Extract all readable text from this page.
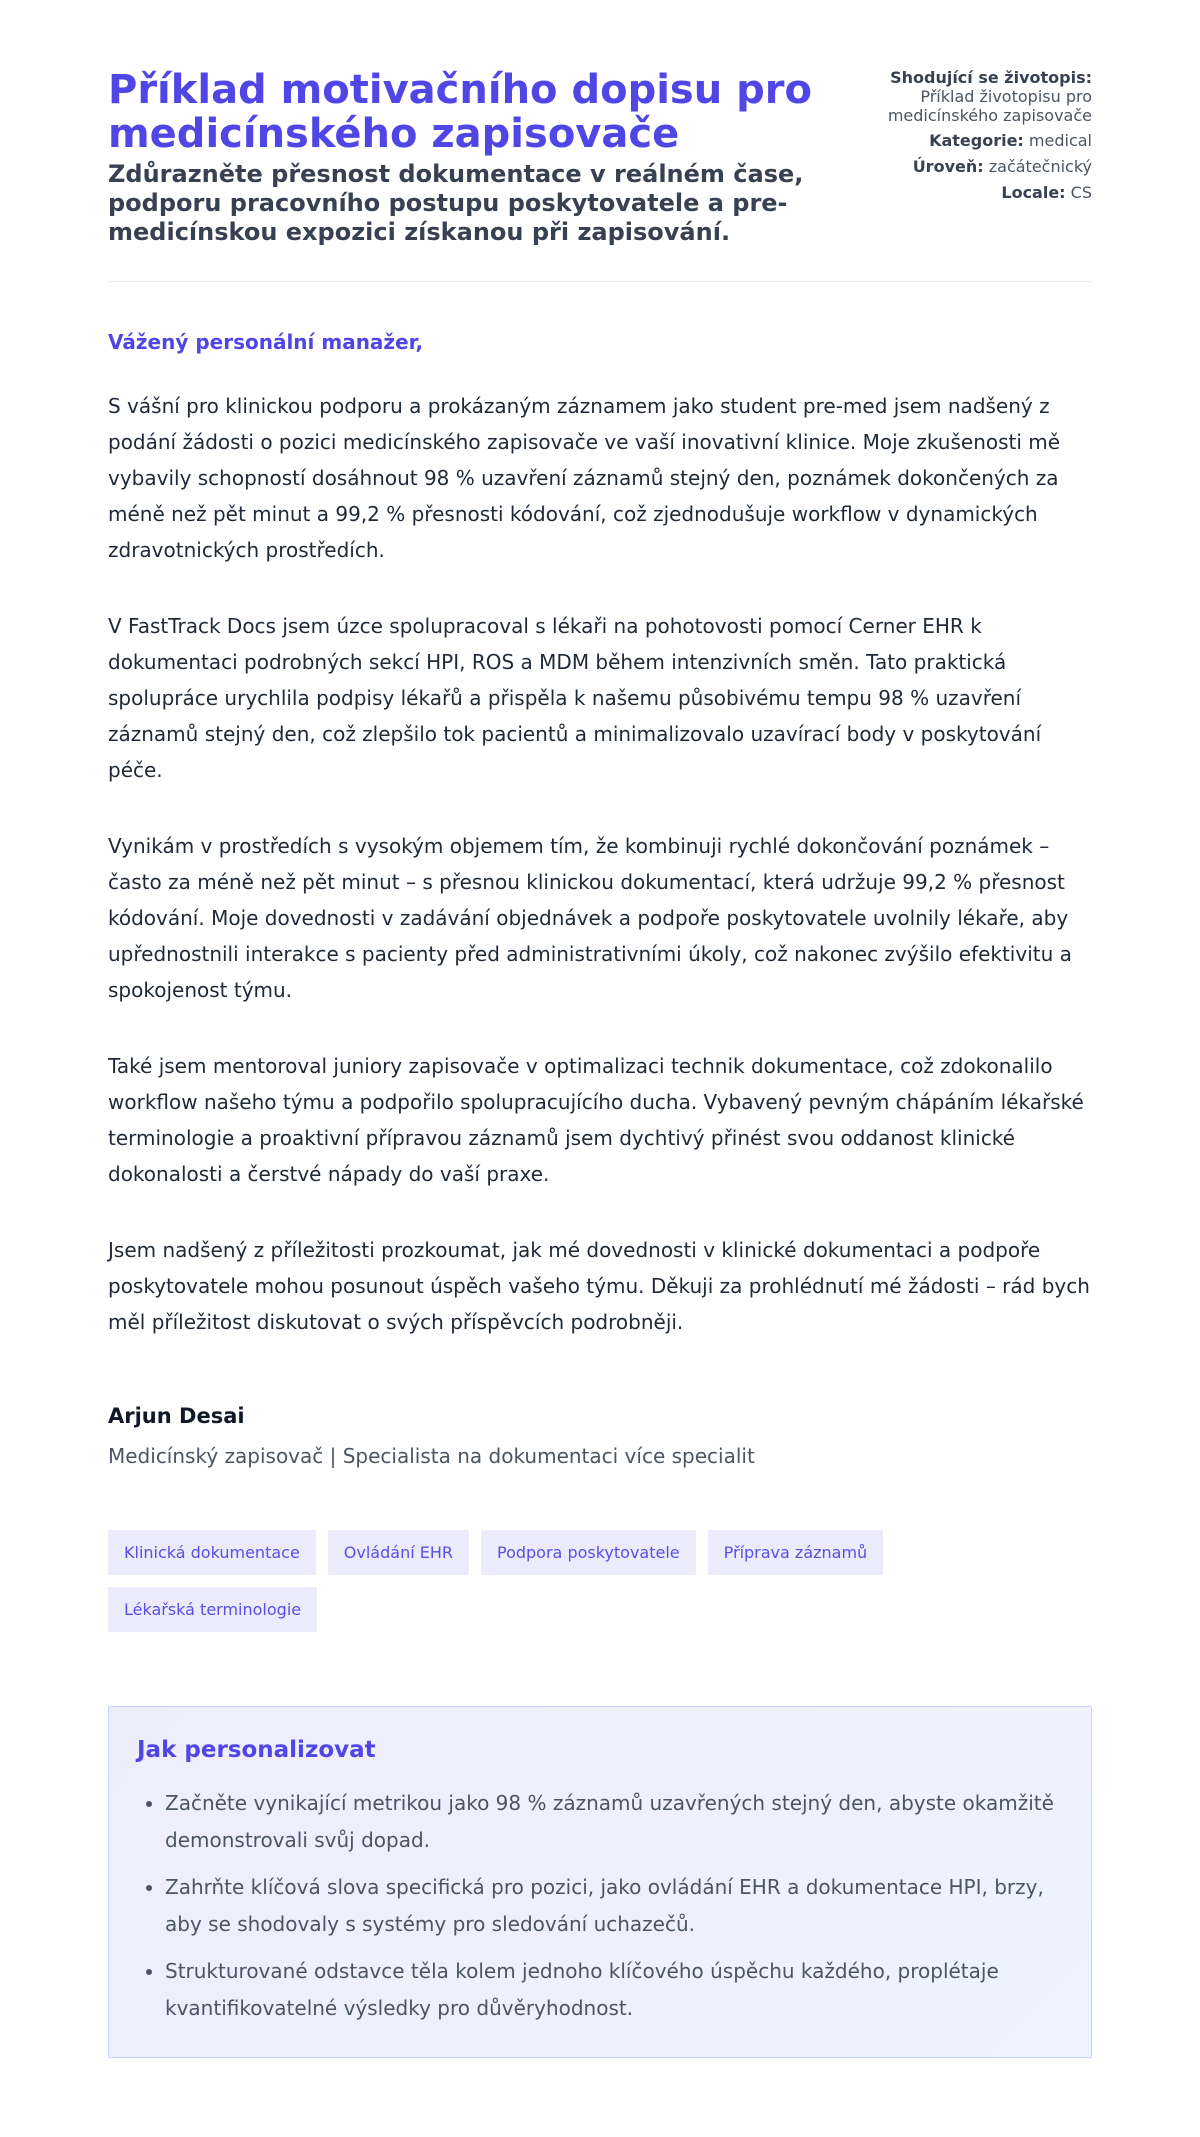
Příklad motivačního dopisu pro medicínského zapisovače
Zdůrazněte přesnost dokumentace v reálném čase, podporu pracovního postupu poskytovatele a pre-medicínskou expozici získanou při zapisování.
Shodující se životopis:
Příklad životopisu pro medicínského zapisovače
Kategorie: medical
Úroveň: začátečnický
Locale: CS
Vážený personální manažer,

S vášní pro klinickou podporu a prokázaným záznamem jako student pre-med jsem nadšený z podání žádosti o pozici medicínského zapisovače ve vaší inovativní klinice. Moje zkušenosti mě vybavily schopností dosáhnout 98 % uzavření záznamů stejný den, poznámek dokončených za méně než pět minut a 99,2 % přesnosti kódování, což zjednodušuje workflow v dynamických zdravotnických prostředích.

V FastTrack Docs jsem úzce spolupracoval s lékaři na pohotovosti pomocí Cerner EHR k dokumentaci podrobných sekcí HPI, ROS a MDM během intenzivních směn. Tato praktická spolupráce urychlila podpisy lékařů a přispěla k našemu působivému tempu 98 % uzavření záznamů stejný den, což zlepšilo tok pacientů a minimalizovalo uzavírací body v poskytování péče.

Vynikám v prostředích s vysokým objemem tím, že kombinuji rychlé dokončování poznámek – často za méně než pět minut – s přesnou klinickou dokumentací, která udržuje 99,2 % přesnost kódování. Moje dovednosti v zadávání objednávek a podpoře poskytovatele uvolnily lékaře, aby upřednostnili interakce s pacienty před administrativními úkoly, což nakonec zvýšilo efektivitu a spokojenost týmu.

Také jsem mentoroval juniory zapisovače v optimalizaci technik dokumentace, což zdokonalilo workflow našeho týmu a podpořilo spolupracujícího ducha. Vybavený pevným chápáním lékařské terminologie a proaktivní přípravou záznamů jsem dychtivý přinést svou oddanost klinické dokonalosti a čerstvé nápady do vaší praxe.

Jsem nadšený z příležitosti prozkoumat, jak mé dovednosti v klinické dokumentaci a podpoře poskytovatele mohou posunout úspěch vašeho týmu. Děkuji za prohlédnutí mé žádosti – rád bych měl příležitost diskutovat o svých příspěvcích podrobněji.

Arjun Desai
Medicínský zapisovač | Specialista na dokumentaci více specialit
Klinická dokumentace	Ovládání EHR	Podpora poskytovatele	Příprava záznamů
Lékařská terminologie
Jak personalizovat
• Začněte vynikající metrikou jako 98 % záznamů uzavřených stejný den, abyste okamžitě demonstrovali svůj dopad.
• Zahrňte klíčová slova specifická pro pozici, jako ovládání EHR a dokumentace HPI, brzy, aby se shodovaly s systémy pro sledování uchazečů.
• Strukturované odstavce těla kolem jednoho klíčového úspěchu každého, proplétaje kvantifikovatelné výsledky pro důvěryhodnost.
